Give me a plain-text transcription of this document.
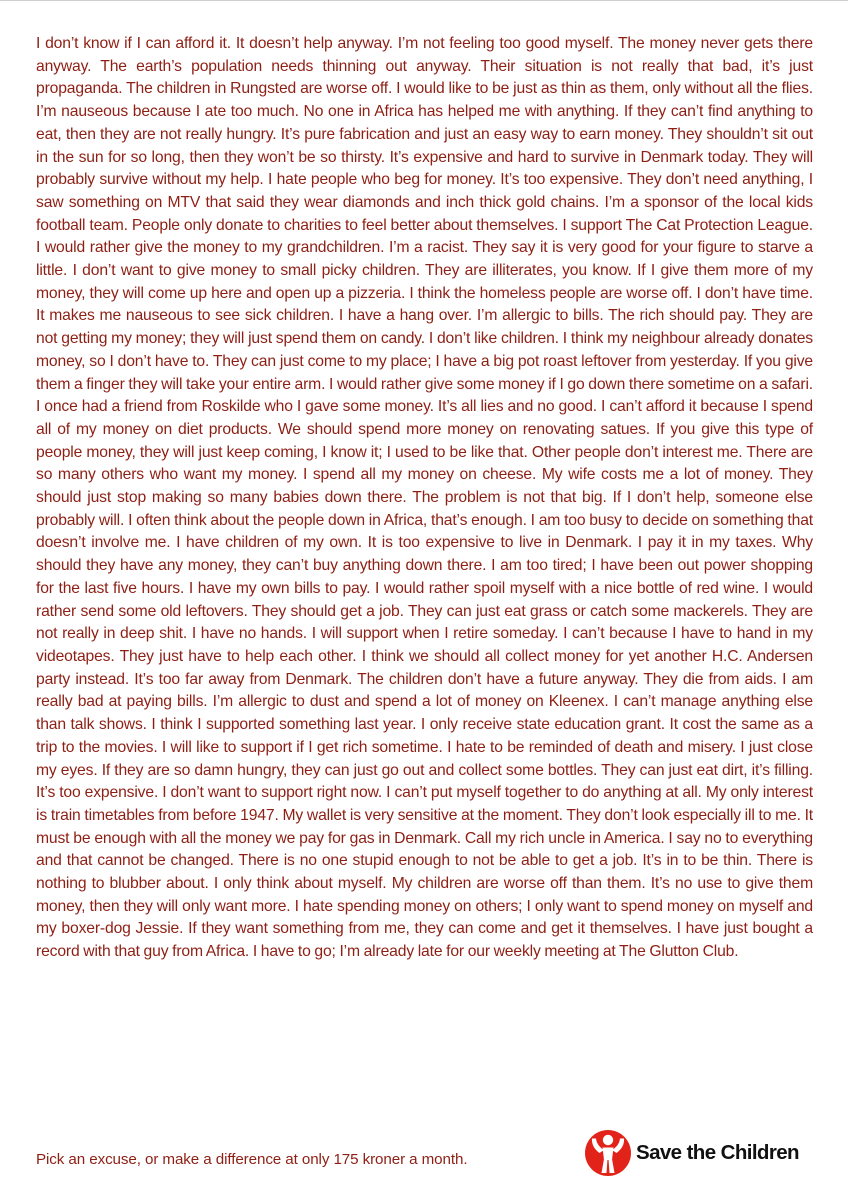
I don’t know if I can afford it. It doesn’t help anyway. I’m not feeling too good myself. The money never gets there anyway. The earth’s population needs thinning out anyway. Their situation is not really that bad, it’s just propaganda. The children in Rungsted are worse off. I would like to be just as thin as them, only without all the flies. I’m nauseous because I ate too much. No one in Africa has helped me with anything. If they can’t find anything to eat, then they are not really hungry. It’s pure fabrication and just an easy way to earn money. They shouldn’t sit out in the sun for so long, then they won’t be so thirsty. It’s expensive and hard to survive in Denmark today. They will probably survive without my help. I hate people who beg for money. It’s too expensive. They don’t need anything, I saw something on MTV that said they wear diamonds and inch thick gold chains. I’m a sponsor of the local kids football team. People only donate to charities to feel better about themselves. I support The Cat Protection League. I would rather give the money to my grandchildren. I’m a racist. They say it is very good for your figure to starve a little. I don’t want to give money to small picky children. They are illiterates, you know. If I give them more of my money, they will come up here and open up a pizzeria. I think the homeless people are worse off. I don’t have time. It makes me nauseous to see sick children. I have a hang over. I’m allergic to bills. The rich should pay. They are not getting my money; they will just spend them on candy. I don’t like children. I think my neighbour already donates money, so I don’t have to. They can just come to my place; I have a big pot roast leftover from yesterday. If you give them a finger they will take your entire arm. I would rather give some money if I go down there sometime on a safari. I once had a friend from Roskilde who I gave some money. It’s all lies and no good. I can’t afford it because I spend all of my money on diet products. We should spend more money on renovating satues. If you give this type of people money, they will just keep coming, I know it; I used to be like that. Other people don’t interest me. There are so many others who want my money. I spend all my money on cheese. My wife costs me a lot of money. They should just stop making so many babies down there. The problem is not that big. If I don’t help, someone else probably will. I often think about the people down in Africa, that’s enough. I am too busy to decide on something that doesn’t involve me. I have children of my own. It is too expensive to live in Denmark. I pay it in my taxes. Why should they have any money, they can’t buy anything down there. I am too tired; I have been out power shopping for the last five hours. I have my own bills to pay. I would rather spoil myself with a nice bottle of red wine. I would rather send some old leftovers. They should get a job. They can just eat grass or catch some mackerels. They are not really in deep shit. I have no hands. I will support when I retire someday. I can’t because I have to hand in my videotapes. They just have to help each other. I think we should all collect money for yet another H.C. Andersen party instead. It’s too far away from Denmark. The children don’t have a future anyway. They die from aids. I am really bad at paying bills. I’m allergic to dust and spend a lot of money on Kleenex. I can’t manage anything else than talk shows. I think I supported something last year. I only receive state education grant. It cost the same as a trip to the movies. I will like to support if I get rich sometime. I hate to be reminded of death and misery. I just close my eyes. If they are so damn hungry, they can just go out and collect some bottles. They can just eat dirt, it’s filling. It’s too expensive. I don’t want to support right now. I can’t put myself together to do anything at all. My only interest is train timetables from before 1947. My wallet is very sensitive at the moment. They don’t look especially ill to me. It must be enough with all the money we pay for gas in Denmark. Call my rich uncle in America. I say no to everything and that cannot be changed. There is no one stupid enough to not be able to get a job. It’s in to be thin. There is nothing to blubber about. I only think about myself. My children are worse off than them. It’s no use to give them money, then they will only want more. I hate spending money on others; I only want to spend money on myself and my boxer-dog Jessie. If they want something from me, they can come and get it themselves. I have just bought a record with that guy from Africa. I have to go; I’m already late for our weekly meeting at The Glutton Club.

Pick an excuse, or make a difference at only 175 kroner a month.	Save the Children
